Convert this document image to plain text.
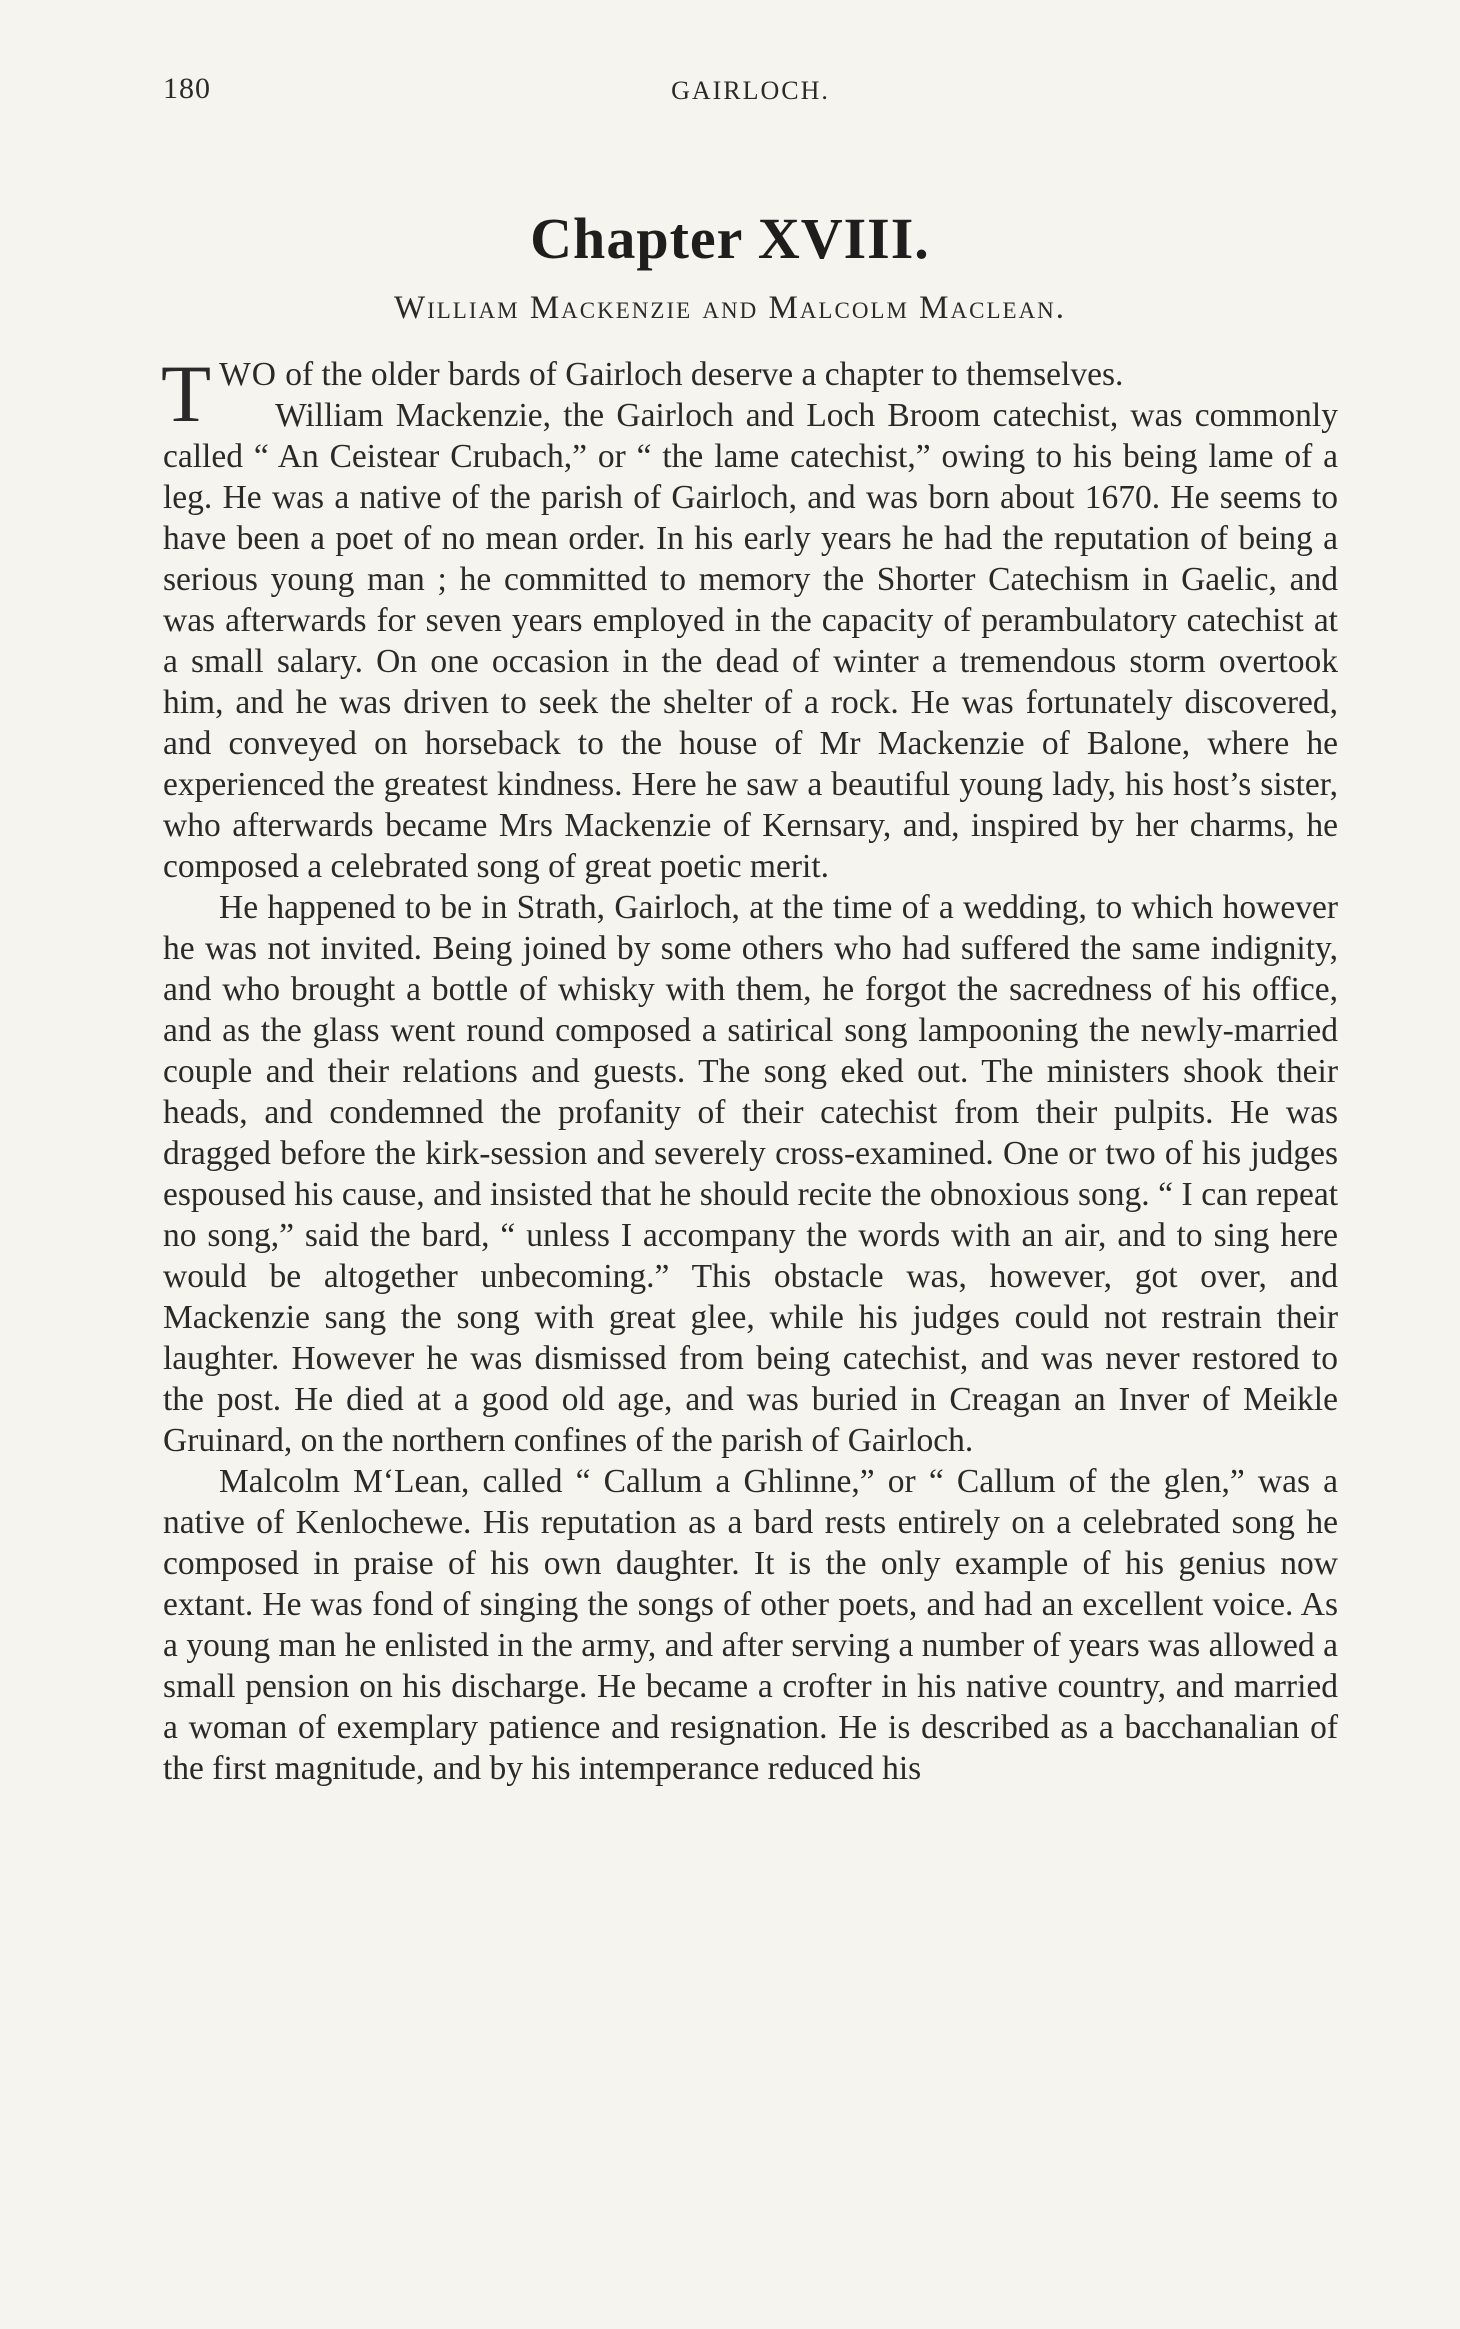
180	GAIRLOCH.
Chapter XVIII.
William Mackenzie and Malcolm Maclean.

TWO of the older bards of Gairloch deserve a chapter to themselves.

William Mackenzie, the Gairloch and Loch Broom catechist, was commonly called “ An Ceistear Crubach,” or “ the lame catechist,” owing to his being lame of a leg. He was a native of the parish of Gairloch, and was born about 1670. He seems to have been a poet of no mean order. In his early years he had the reputation of being a serious young man ; he committed to memory the Shorter Catechism in Gaelic, and was afterwards for seven years employed in the capacity of perambulatory catechist at a small salary. On one occasion in the dead of winter a tremendous storm overtook him, and he was driven to seek the shelter of a rock. He was fortunately discovered, and conveyed on horseback to the house of Mr Mackenzie of Balone, where he experienced the greatest kindness. Here he saw a beautiful young lady, his host’s sister, who afterwards became Mrs Mackenzie of Kernsary, and, inspired by her charms, he composed a celebrated song of great poetic merit.

He happened to be in Strath, Gairloch, at the time of a wedding, to which however he was not invited. Being joined by some others who had suffered the same indignity, and who brought a bottle of whisky with them, he forgot the sacredness of his office, and as the glass went round composed a satirical song lampooning the newly-married couple and their relations and guests. The song eked out. The ministers shook their heads, and condemned the profanity of their catechist from their pulpits. He was dragged before the kirk-session and severely cross-examined. One or two of his judges espoused his cause, and insisted that he should recite the obnoxious song. “ I can repeat no song,” said the bard, “ unless I accompany the words with an air, and to sing here would be altogether unbecoming.” This obstacle was, however, got over, and Mackenzie sang the song with great glee, while his judges could not restrain their laughter. However he was dismissed from being catechist, and was never restored to the post. He died at a good old age, and was buried in Creagan an Inver of Meikle Gruinard, on the northern confines of the parish of Gairloch.

Malcolm M‘Lean, called “ Callum a Ghlinne,” or “ Callum of the glen,” was a native of Kenlochewe. His reputation as a bard rests entirely on a celebrated song he composed in praise of his own daughter. It is the only example of his genius now extant. He was fond of singing the songs of other poets, and had an excellent voice. As a young man he enlisted in the army, and after serving a number of years was allowed a small pension on his discharge. He became a crofter in his native country, and married a woman of exemplary patience and resignation. He is described as a bacchanalian of the first magnitude, and by his intemperance reduced his
